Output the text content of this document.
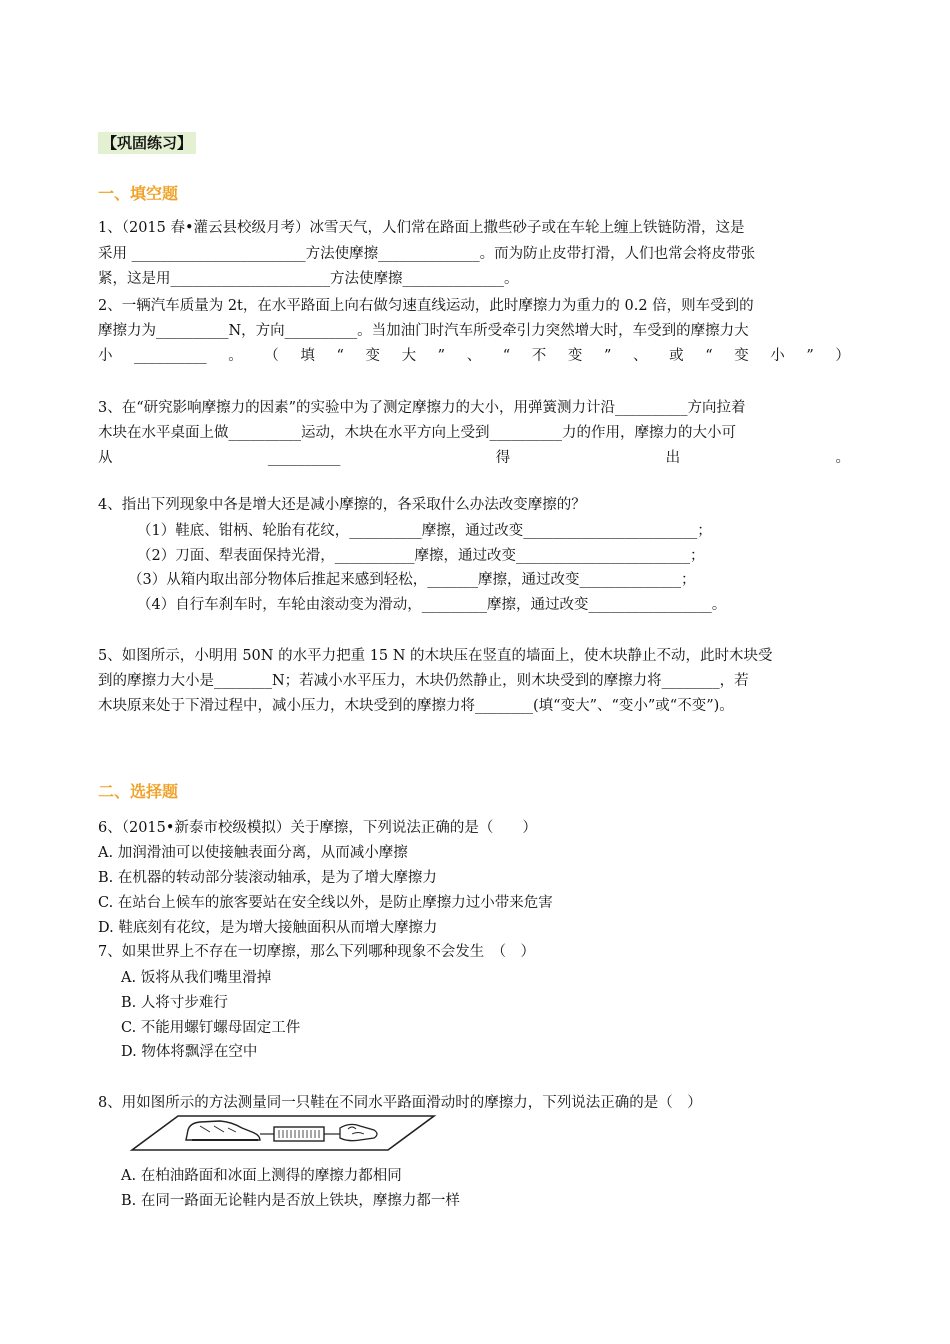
【巩固练习】
一、填空题
1、（2015 春•灌云县校级月考）冰雪天气，人们常在路面上撒些砂子或在车轮上缠上铁链防滑，这是
采用 ________________________方法使摩擦______________。而为防止皮带打滑，人们也常会将皮带张
紧，这是用______________________方法使摩擦______________。
2、一辆汽车质量为 2t，在水平路面上向右做匀速直线运动，此时摩擦力为重力的 0.2 倍，则车受到的
摩擦力为__________N，方向__________。当加油门时汽车所受牵引力突然增大时，车受到的摩擦力大
小 __________ 。 （ 填 “ 变 大 ” 、 “ 不 变 ” 、 或 “ 变 小 ” ）
3、在“研究影响摩擦力的因素”的实验中为了测定摩擦力的大小，用弹簧测力计沿__________方向拉着
木块在水平桌面上做__________运动，木块在水平方向上受到__________力的作用，摩擦力的大小可
从	__________	得	出	。
4、指出下列现象中各是增大还是减小摩擦的，各采取什么办法改变摩擦的？
（1）鞋底、钳柄、轮胎有花纹，__________摩擦，通过改变________________________；
（2）刀面、犁表面保持光滑，___________摩擦，通过改变________________________；
（3）从箱内取出部分物体后推起来感到轻松，_______摩擦，通过改变______________；
（4）自行车刹车时，车轮由滚动变为滑动，_________摩擦，通过改变_________________。
5、如图所示，小明用 50N 的水平力把重 15 N 的木块压在竖直的墙面上，使木块静止不动，此时木块受
到的摩擦力大小是________N；若减小水平压力，木块仍然静止，则木块受到的摩擦力将________，若
木块原来处于下滑过程中，减小压力，木块受到的摩擦力将________(填“变大”、“变小”或“不变”)。
二、选择题
6、（2015•新泰市校级模拟）关于摩擦，下列说法正确的是（　　）
A. 加润滑油可以使接触表面分离，从而减小摩擦
B. 在机器的转动部分装滚动轴承，是为了增大摩擦力
C. 在站台上候车的旅客要站在安全线以外，是防止摩擦力过小带来危害
D. 鞋底刻有花纹，是为增大接触面积从而增大摩擦力
7、如果世界上不存在一切摩擦，那么下列哪种现象不会发生　（　）
A. 饭将从我们嘴里滑掉
B. 人将寸步难行
C. 不能用螺钉螺母固定工件
D. 物体将飘浮在空中
8、用如图所示的方法测量同一只鞋在不同水平路面滑动时的摩擦力，下列说法正确的是（　）
A. 在柏油路面和冰面上测得的摩擦力都相同
B. 在同一路面无论鞋内是否放上铁块，摩擦力都一样
